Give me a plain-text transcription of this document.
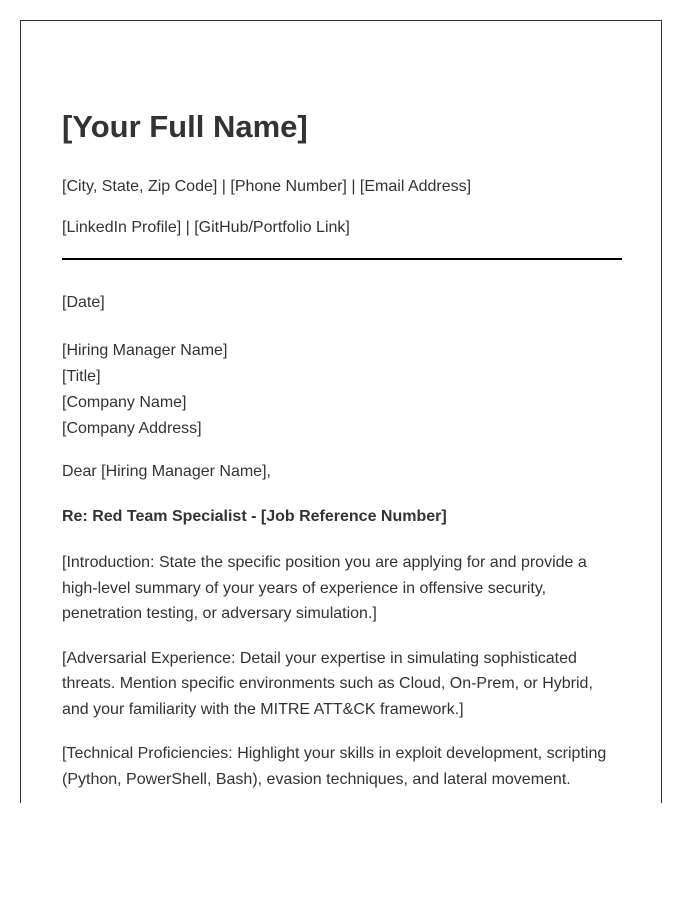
[Your Full Name]

[City, State, Zip Code] | [Phone Number] | [Email Address]

[LinkedIn Profile] | [GitHub/Portfolio Link]

[Date]
[Hiring Manager Name]
[Title]
[Company Name]
[Company Address]
Dear [Hiring Manager Name],
Re: Red Team Specialist - [Job Reference Number]

[Introduction: State the specific position you are applying for and provide a high-level summary of your years of experience in offensive security, penetration testing, or adversary simulation.]

[Adversarial Experience: Detail your expertise in simulating sophisticated threats. Mention specific environments such as Cloud, On-Prem, or Hybrid, and your familiarity with the MITRE ATT&CK framework.]

[Technical Proficiencies: Highlight your skills in exploit development, scripting (Python, PowerShell, Bash), evasion techniques, and lateral movement.
